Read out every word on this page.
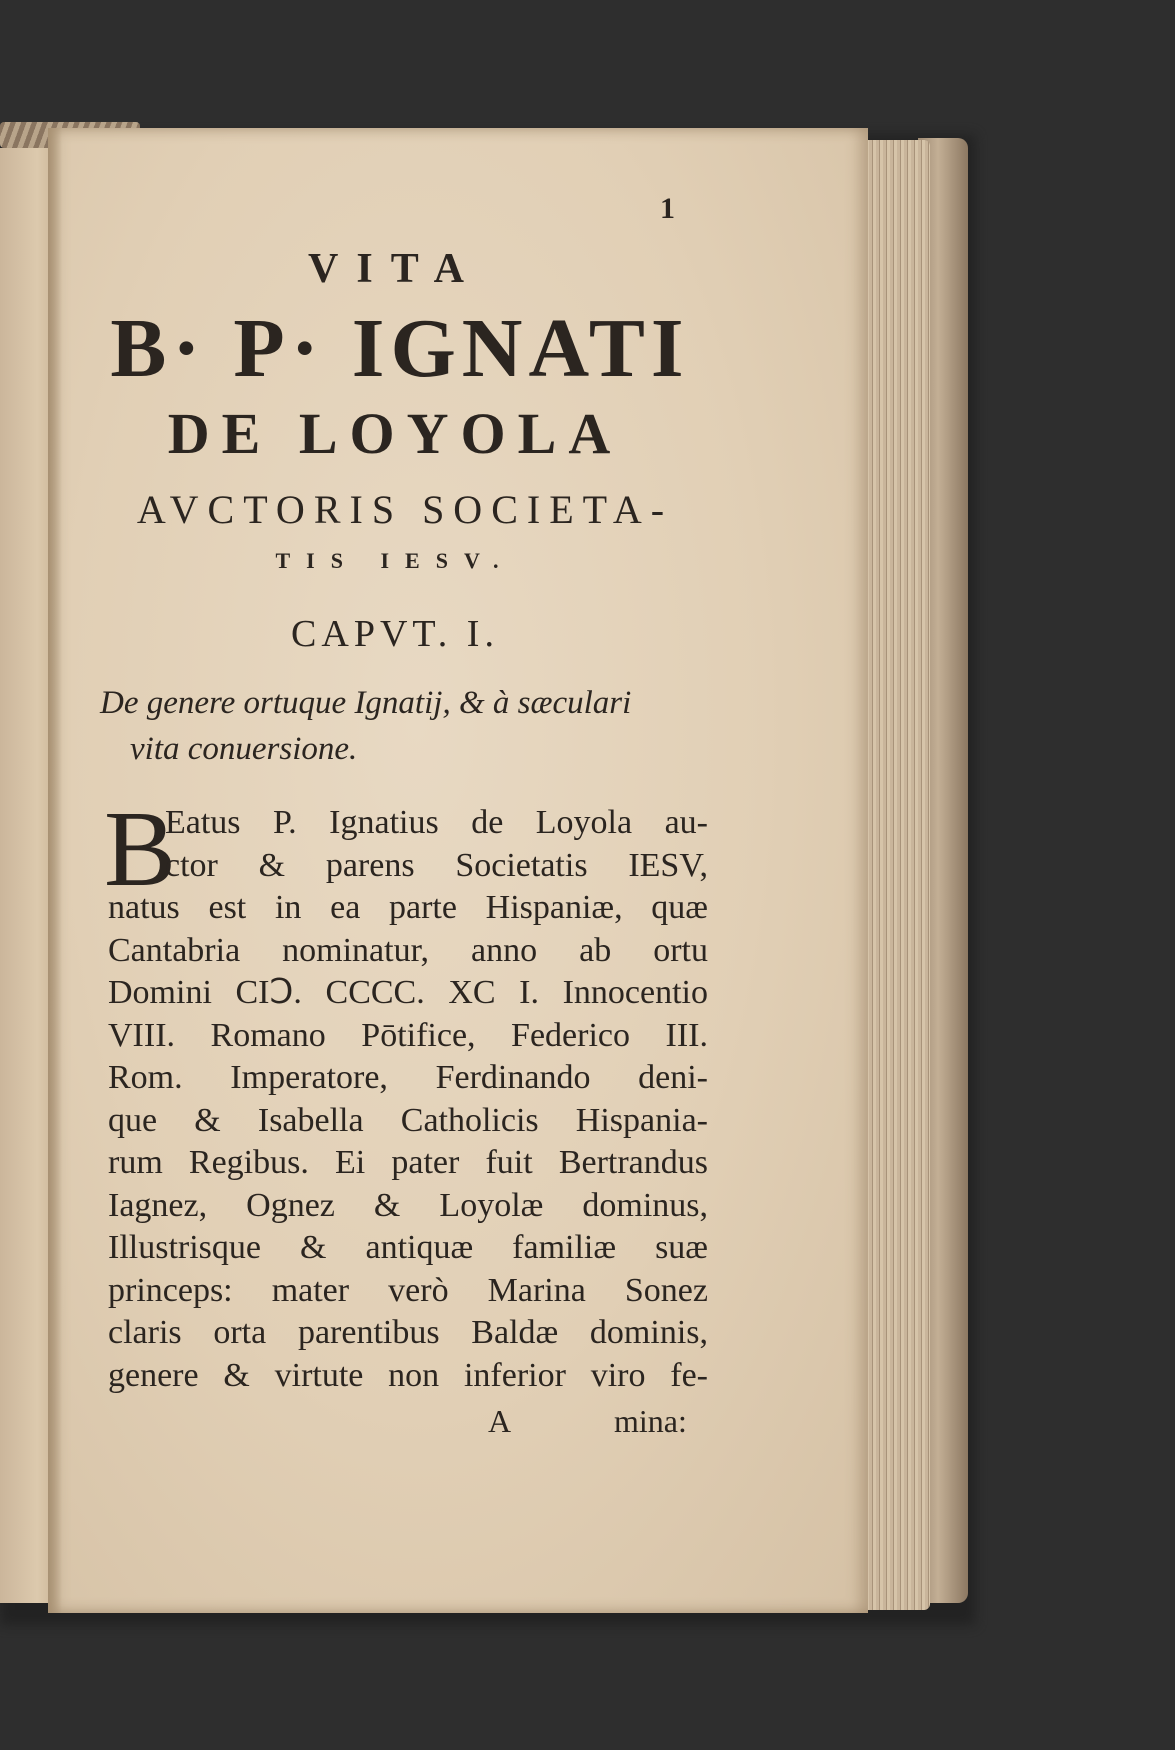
1
VITA
B· P· IGNATI
DE LOYOLA
AVCTORIS SOCIETA-
TIS IESV.
CAPVT. I.
De genere ortuque Ignatij, & à sæculari
vita conuersione.
B
Eatus P. Ignatius de Loyola au-
ctor & parens Societatis IESV,
natus est in ea parte Hispaniæ, quæ
Cantabria nominatur, anno ab ortu
Domini CIↃ. CCCC. XC I. Innocentio
VIII. Romano Pōtifice, Federico III.
Rom. Imperatore, Ferdinando deni-
que & Isabella Catholicis Hispania-
rum Regibus. Ei pater fuit Bertrandus
Iagnez, Ognez & Loyolæ dominus,
Illustrisque & antiquæ familiæ suæ
princeps: mater verò Marina Sonez
claris orta parentibus Baldæ dominis,
genere & virtute non inferior viro fe-
A	mina:
